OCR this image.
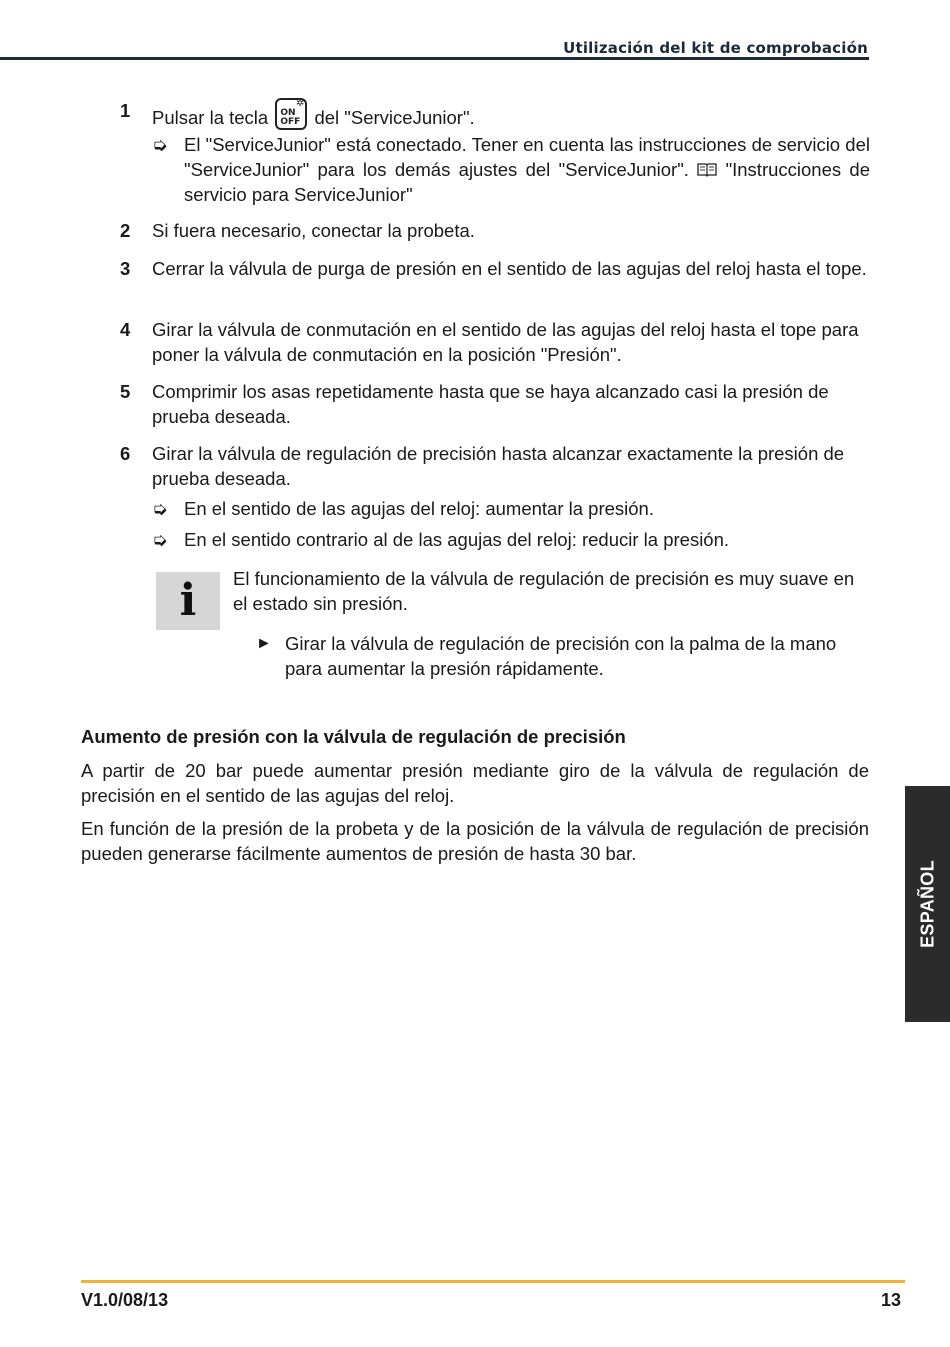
Utilización del kit de comprobación
1 Pulsar la tecla
✲
ON
OFF del "ServiceJunior".
➭ El "ServiceJunior" está conectado. Tener en cuenta las instrucciones de servicio del "ServiceJunior" para los demás ajustes del "ServiceJunior". "Instrucciones de servicio para ServiceJunior"
2 Si fuera necesario, conectar la probeta.
3 Cerrar la válvula de purga de presión en el sentido de las agujas del reloj hasta el tope.
4 Girar la válvula de conmutación en el sentido de las agujas del reloj hasta el tope para poner la válvula de conmutación en la posición "Presión".
5 Comprimir los asas repetidamente hasta que se haya alcanzado casi la presión de prueba deseada.
6 Girar la válvula de regulación de precisión hasta alcanzar exactamente la presión de prueba deseada.
➭ En el sentido de las agujas del reloj: aumentar la presión.
➭ En el sentido contrario al de las agujas del reloj: reducir la presión.
i	El funcionamiento de la válvula de regulación de precisión es muy suave en el estado sin presión.
► Girar la válvula de regulación de precisión con la palma de la mano para aumentar la presión rápidamente.
Aumento de presión con la válvula de regulación de precisión
A partir de 20 bar puede aumentar presión mediante giro de la válvula de regulación de precisión en el sentido de las agujas del reloj.
En función de la presión de la probeta y de la posición de la válvula de regulación de precisión pueden generarse fácilmente aumentos de presión de hasta 30 bar.
ESPAÑOL
V1.0/08/13	13
